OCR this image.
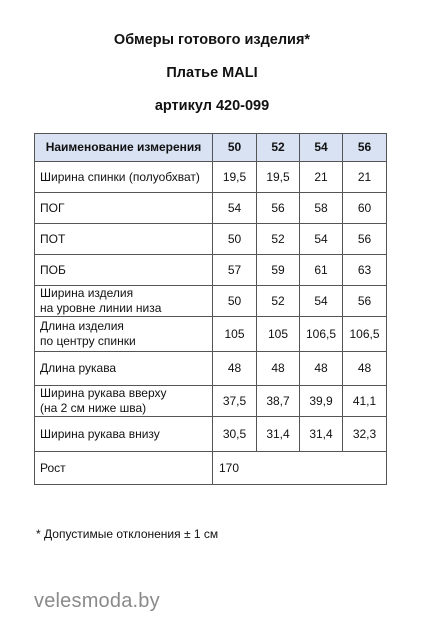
Обмеры готового изделия*
Платье MALI
артикул 420-099
Наименование измерения	50	52	54	56

Ширина спинки (полуобхват)	19,5	19,5	21	21

ПОГ	54	56	58	60

ПОТ	50	52	54	56

ПОБ	57	59	61	63

Ширина изделия
на уровне линии низа	50	52	54	56

Длина изделия
по центру спинки	105	105	106,5	106,5

Длина рукава	48	48	48	48

Ширина рукава вверху
(на 2 см ниже шва)	37,5	38,7	39,9	41,1

Ширина рукава внизу	30,5	31,4	31,4	32,3
Рост	170			
* Допустимые отклонения ± 1 см
velesmoda.by
